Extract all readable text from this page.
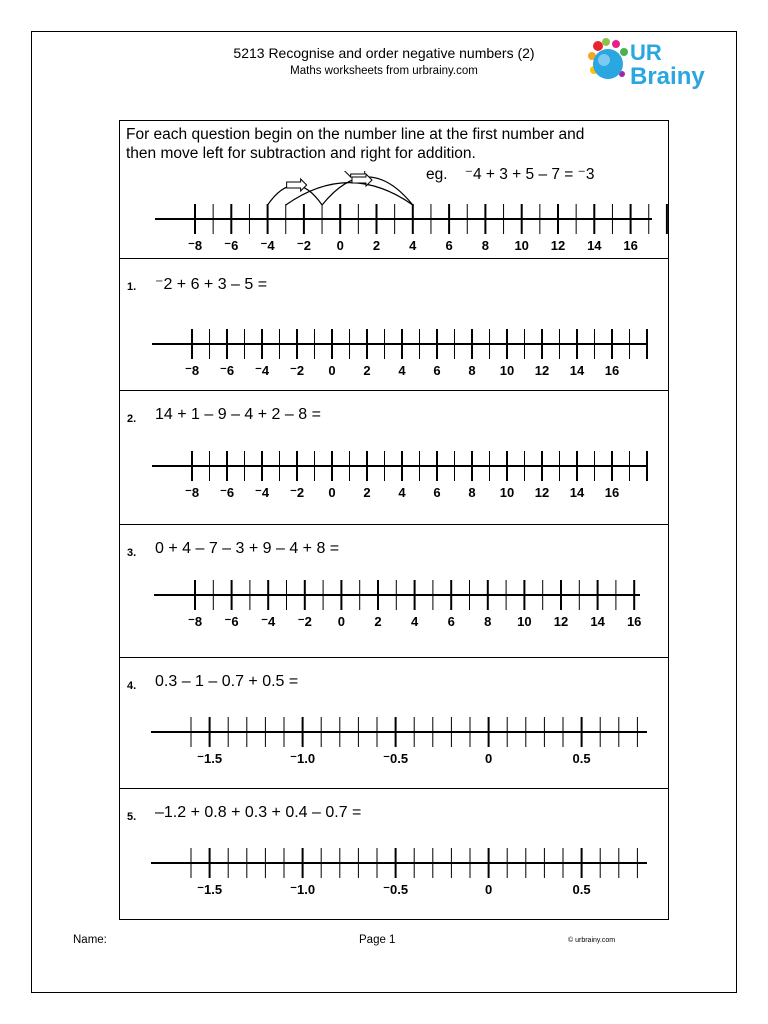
5213 Recognise and order negative numbers (2)
Maths worksheets from urbrainy.com
UR
Brainy
For each question begin on the number line at the first number and
then move left for subtraction and right for addition.
eg.    ⁻4 + 3 + 5 – 7 = ⁻3
⁻8 ⁻6 ⁻4 ⁻2 0 2 4 6 8 10 12 14 16
1. ⁻2 + 6 + 3 – 5 =
⁻8 ⁻6 ⁻4 ⁻2 0 2 4 6 8 10 12 14 16
2. 14 + 1 – 9 – 4 + 2 – 8 =
⁻8 ⁻6 ⁻4 ⁻2 0 2 4 6 8 10 12 14 16
3. 0 + 4 – 7 – 3 + 9 – 4 + 8 =
⁻8 ⁻6 ⁻4 ⁻2 0 2 4 6 8 10 12 14 16
4. 0.3 – 1 – 0.7 + 0.5 =
⁻1.5	⁻1.0	⁻0.5	0	0.5
5. –1.2 + 0.8 + 0.3 + 0.4 – 0.7 =
⁻1.5	⁻1.0	⁻0.5	0	0.5
Name:	Page 1	© urbrainy.com
